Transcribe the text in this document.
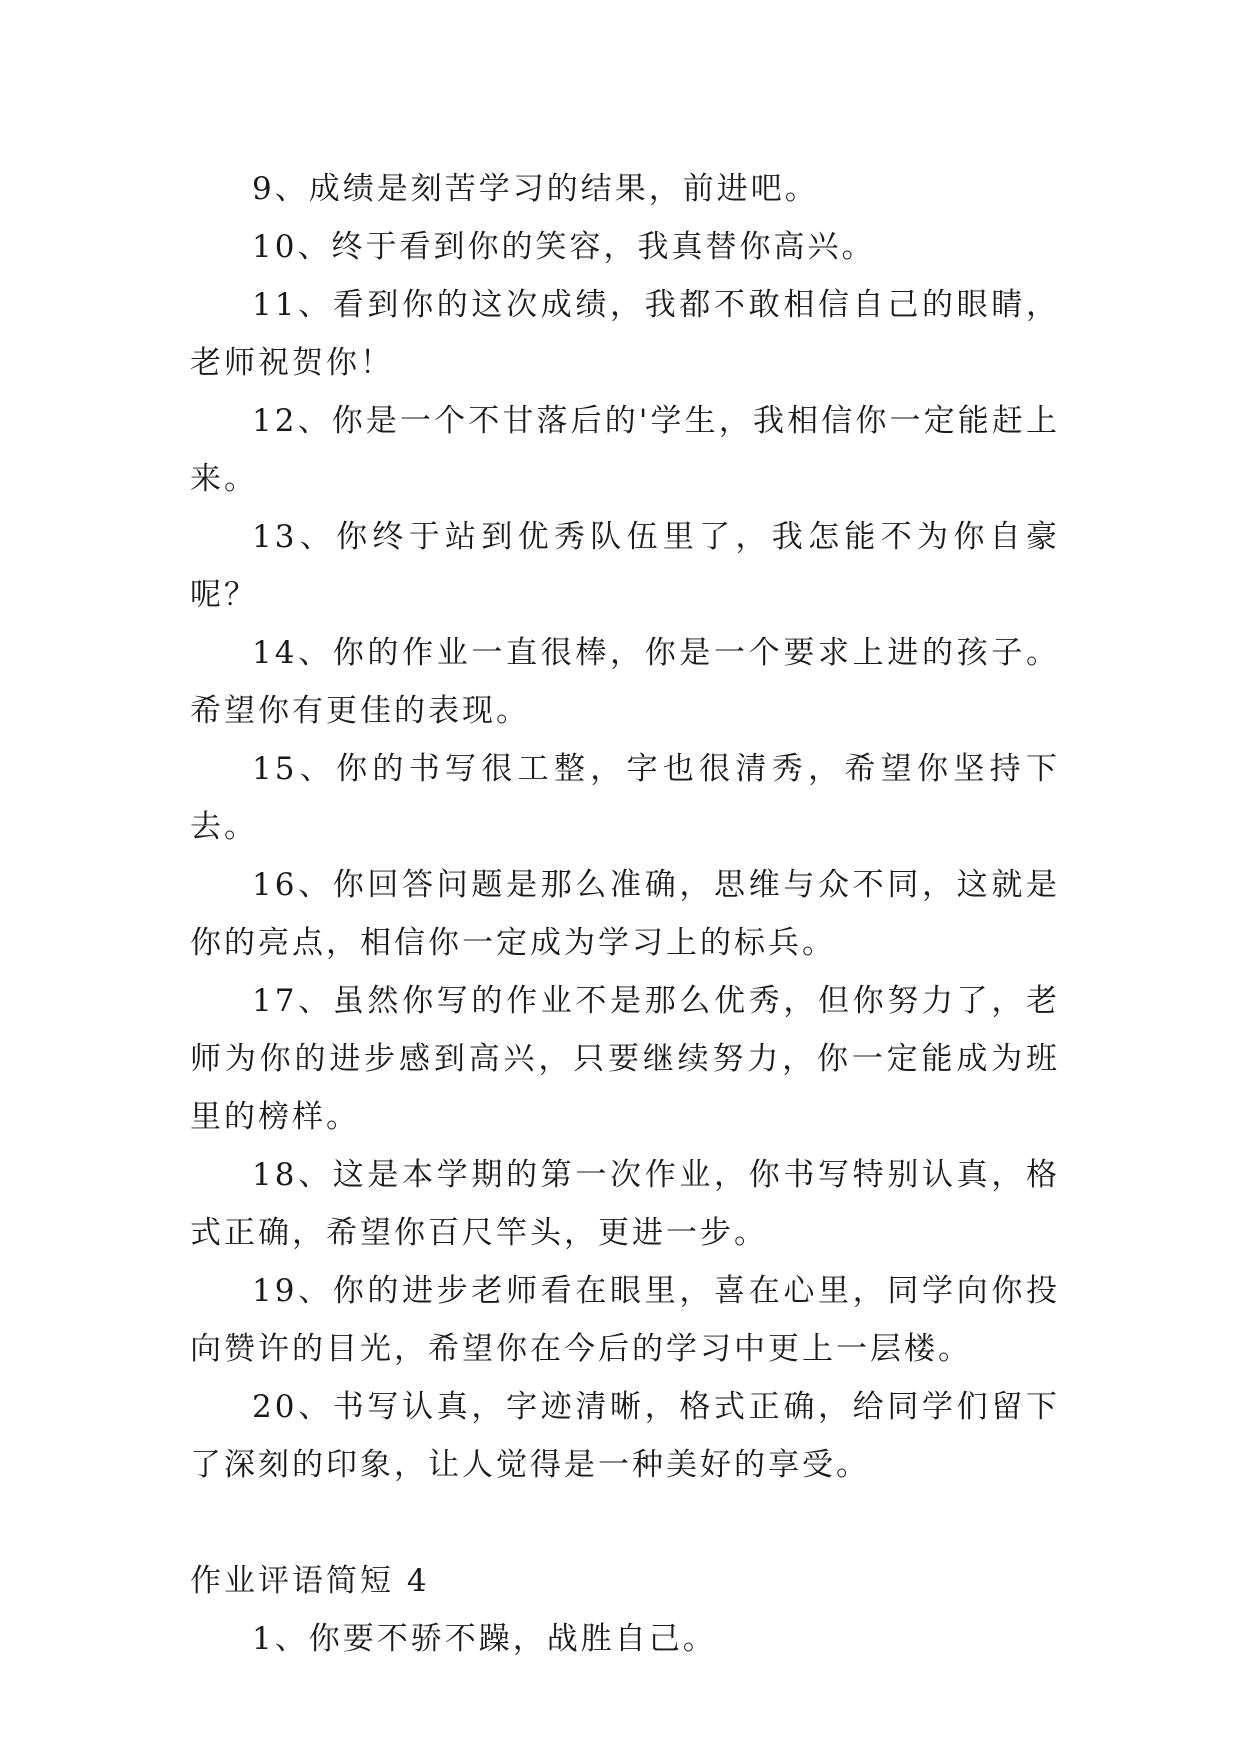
9、成绩是刻苦学习的结果，前进吧。

10、终于看到你的笑容，我真替你高兴。

11、看到你的这次成绩，我都不敢相信自己的眼睛，老师祝贺你！

12、你是一个不甘落后的'学生，我相信你一定能赶上来。

13、你终于站到优秀队伍里了，我怎能不为你自豪呢？

14、你的作业一直很棒，你是一个要求上进的孩子。希望你有更佳的表现。

15、你的书写很工整，字也很清秀，希望你坚持下去。

16、你回答问题是那么准确，思维与众不同，这就是你的亮点，相信你一定成为学习上的标兵。

17、虽然你写的作业不是那么优秀，但你努力了，老师为你的进步感到高兴，只要继续努力，你一定能成为班里的榜样。

18、这是本学期的第一次作业，你书写特别认真，格式正确，希望你百尺竿头，更进一步。

19、你的进步老师看在眼里，喜在心里，同学向你投向赞许的目光，希望你在今后的学习中更上一层楼。

20、书写认真，字迹清晰，格式正确，给同学们留下了深刻的印象，让人觉得是一种美好的享受。

作业评语简短 4

1、你要不骄不躁，战胜自己。
